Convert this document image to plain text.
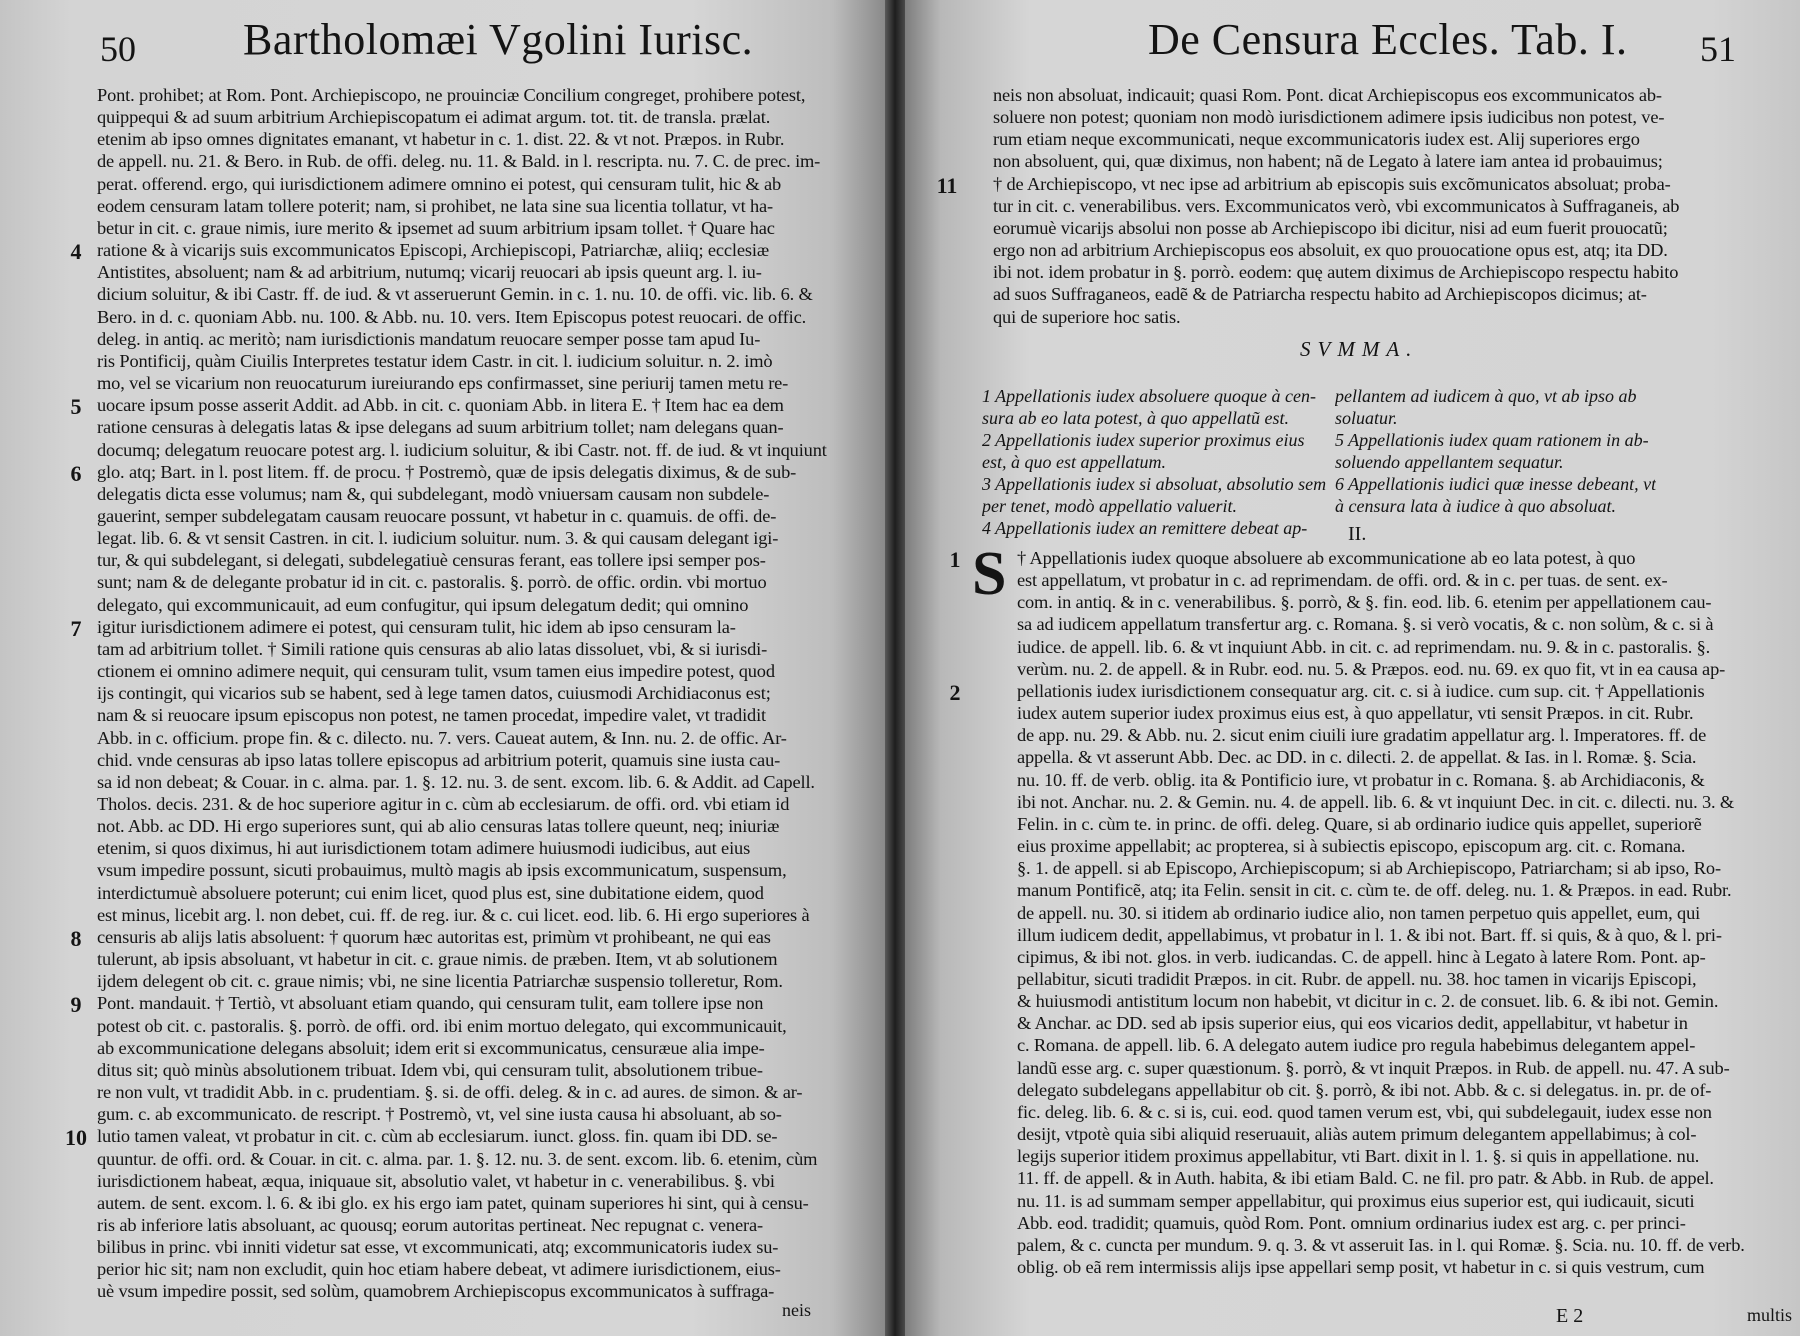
50 Bartholomæi Vgolini Iurisc.
Pont. prohibet; at Rom. Pont. Archiepiscopo, ne prouinciæ Concilium congreget, prohibere potest,
quippequi & ad suum arbitrium Archiepiscopatum ei adimat argum. tot. tit. de transla. prælat.
etenim ab ipso omnes dignitates emanant, vt habetur in c. 1. dist. 22. & vt not. Præpos. in Rubr.
de appell. nu. 21. & Bero. in Rub. de offi. deleg. nu. 11. & Bald. in l. rescripta. nu. 7. C. de prec. im-
perat. offerend. ergo, qui iurisdictionem adimere omnino ei potest, qui censuram tulit, hic & ab
eodem censuram latam tollere poterit; nam, si prohibet, ne lata sine sua licentia tollatur, vt ha-
betur in cit. c. graue nimis, iure merito & ipsemet ad suum arbitrium ipsam tollet. † Quare hac
ratione & à vicarijs suis excommunicatos Episcopi, Archiepiscopi, Patriarchæ, aliiq; ecclesiæ
Antistites, absoluent; nam & ad arbitrium, nutumq; vicarij reuocari ab ipsis queunt arg. l. iu-
dicium soluitur, & ibi Castr. ff. de iud. & vt asseruerunt Gemin. in c. 1. nu. 10. de offi. vic. lib. 6. &
Bero. in d. c. quoniam Abb. nu. 100. & Abb. nu. 10. vers. Item Episcopus potest reuocari. de offic.
deleg. in antiq. ac meritò; nam iurisdictionis mandatum reuocare semper posse tam apud Iu-
ris Pontificij, quàm Ciuilis Interpretes testatur idem Castr. in cit. l. iudicium soluitur. n. 2. imò
mo, vel se vicarium non reuocaturum iureiurando eps confirmasset, sine periurij tamen metu re-
uocare ipsum posse asserit Addit. ad Abb. in cit. c. quoniam Abb. in litera E. † Item hac ea dem
ratione censuras à delegatis latas & ipse delegans ad suum arbitrium tollet; nam delegans quan-
documq; delegatum reuocare potest arg. l. iudicium soluitur, & ibi Castr. not. ff. de iud. & vt inquiunt
glo. atq; Bart. in l. post litem. ff. de procu. † Postremò, quæ de ipsis delegatis diximus, & de sub-
delegatis dicta esse volumus; nam &, qui subdelegant, modò vniuersam causam non subdele-
gauerint, semper subdelegatam causam reuocare possunt, vt habetur in c. quamuis. de offi. de-
legat. lib. 6. & vt sensit Castren. in cit. l. iudicium soluitur. num. 3. & qui causam delegant igi-
tur, & qui subdelegant, si delegati, subdelegatiuè censuras ferant, eas tollere ipsi semper pos-
sunt; nam & de delegante probatur id in cit. c. pastoralis. §. porrò. de offic. ordin. vbi mortuo
delegato, qui excommunicauit, ad eum confugitur, qui ipsum delegatum dedit; qui omnino
igitur iurisdictionem adimere ei potest, qui censuram tulit, hic idem ab ipso censuram la-
tam ad arbitrium tollet. † Simili ratione quis censuras ab alio latas dissoluet, vbi, & si iurisdi-
ctionem ei omnino adimere nequit, qui censuram tulit, vsum tamen eius impedire potest, quod
ijs contingit, qui vicarios sub se habent, sed à lege tamen datos, cuiusmodi Archidiaconus est;
nam & si reuocare ipsum episcopus non potest, ne tamen procedat, impedire valet, vt tradidit
Abb. in c. officium. prope fin. & c. dilecto. nu. 7. vers. Caueat autem, & Inn. nu. 2. de offic. Ar-
chid. vnde censuras ab ipso latas tollere episcopus ad arbitrium poterit, quamuis sine iusta cau-
sa id non debeat; & Couar. in c. alma. par. 1. §. 12. nu. 3. de sent. excom. lib. 6. & Addit. ad Capell.
Tholos. decis. 231. & de hoc superiore agitur in c. cùm ab ecclesiarum. de offi. ord. vbi etiam id
not. Abb. ac DD. Hi ergo superiores sunt, qui ab alio censuras latas tollere queunt, neq; iniuriæ
etenim, si quos diximus, hi aut iurisdictionem totam adimere huiusmodi iudicibus, aut eius
vsum impedire possunt, sicuti probauimus, multò magis ab ipsis excommunicatum, suspensum,
interdictumuè absoluere poterunt; cui enim licet, quod plus est, sine dubitatione eidem, quod
est minus, licebit arg. l. non debet, cui. ff. de reg. iur. & c. cui licet. eod. lib. 6. Hi ergo superiores à
censuris ab alijs latis absoluent: † quorum hæc autoritas est, primùm vt prohibeant, ne qui eas
tulerunt, ab ipsis absoluant, vt habetur in cit. c. graue nimis. de præben. Item, vt ab solutionem
ijdem delegent ob cit. c. graue nimis; vbi, ne sine licentia Patriarchæ suspensio tolleretur, Rom.
Pont. mandauit. † Tertiò, vt absoluant etiam quando, qui censuram tulit, eam tollere ipse non
potest ob cit. c. pastoralis. §. porrò. de offi. ord. ibi enim mortuo delegato, qui excommunicauit,
ab excommunicatione delegans absoluit; idem erit si excommunicatus, censuræue alia impe-
ditus sit; quò minùs absolutionem tribuat. Idem vbi, qui censuram tulit, absolutionem tribue-
re non vult, vt tradidit Abb. in c. prudentiam. §. si. de offi. deleg. & in c. ad aures. de simon. & ar-
gum. c. ab excommunicato. de rescript. † Postremò, vt, vel sine iusta causa hi absoluant, ab so-
lutio tamen valeat, vt probatur in cit. c. cùm ab ecclesiarum. iunct. gloss. fin. quam ibi DD. se-
quuntur. de offi. ord. & Couar. in cit. c. alma. par. 1. §. 12. nu. 3. de sent. excom. lib. 6. etenim, cùm
iurisdictionem habeat, æqua, iniquaue sit, absolutio valet, vt habetur in c. venerabilibus. §. vbi
autem. de sent. excom. l. 6. & ibi glo. ex his ergo iam patet, quinam superiores hi sint, qui à censu-
ris ab inferiore latis absoluant, ac quousq; eorum autoritas pertineat. Nec repugnat c. venera-
bilibus in princ. vbi inniti videtur sat esse, vt excommunicati, atq; excommunicatoris iudex su-
perior hic sit; nam non excludit, quin hoc etiam habere debeat, vt adimere iurisdictionem, eius-
uè vsum impedire possit, sed solùm, quamobrem Archiepiscopus excommunicatos à suffraga-
4
5
6
7
8
9
10
neis
De Censura Eccles. Tab. I. 51
neis non absoluat, indicauit; quasi Rom. Pont. dicat Archiepiscopus eos excommunicatos ab-
soluere non potest; quoniam non modò iurisdictionem adimere ipsis iudicibus non potest, ve-
rum etiam neque excommunicati, neque excommunicatoris iudex est. Alij superiores ergo
non absoluent, qui, quæ diximus, non habent; nã de Legato à latere iam antea id probauimus;
† de Archiepiscopo, vt nec ipse ad arbitrium ab episcopis suis excõmunicatos absoluat; proba-
tur in cit. c. venerabilibus. vers. Excommunicatos verò, vbi excommunicatos à Suffraganeis, ab
eorumuè vicarijs absolui non posse ab Archiepiscopo ibi dicitur, nisi ad eum fuerit prouocatũ;
ergo non ad arbitrium Archiepiscopus eos absoluit, ex quo prouocatione opus est, atq; ita DD.
ibi not. idem probatur in §. porrò. eodem: quę autem diximus de Archiepiscopo respectu habito
ad suos Suffraganeos, eadẽ & de Patriarcha respectu habito ad Archiepiscopos dicimus; at-
qui de superiore hoc satis.
11
SVMMA.
1 Appellationis iudex absoluere quoque à cen-
sura ab eo lata potest, à quo appellatũ est.
2 Appellationis iudex superior proximus eius
est, à quo est appellatum.
3 Appellationis iudex si absoluat, absolutio sem
per tenet, modò appellatio valuerit.
4 Appellationis iudex an remittere debeat ap-
pellantem ad iudicem à quo, vt ab ipso ab
soluatur.
5 Appellationis iudex quam rationem in ab-
soluendo appellantem sequatur.
6 Appellationis iudici quæ inesse debeant, vt
à censura lata à iudice à quo absoluat.
II.
S † Appellationis iudex quoque absoluere ab excommunicatione ab eo lata potest, à quo
est appellatum, vt probatur in c. ad reprimendam. de offi. ord. & in c. per tuas. de sent. ex-
com. in antiq. & in c. venerabilibus. §. porrò, & §. fin. eod. lib. 6. etenim per appellationem cau-
sa ad iudicem appellatum transfertur arg. c. Romana. §. si verò vocatis, & c. non solùm, & c. si à
iudice. de appell. lib. 6. & vt inquiunt Abb. in cit. c. ad reprimendam. nu. 9. & in c. pastoralis. §.
verùm. nu. 2. de appell. & in Rubr. eod. nu. 5. & Præpos. eod. nu. 69. ex quo fit, vt in ea causa ap-
pellationis iudex iurisdictionem consequatur arg. cit. c. si à iudice. cum sup. cit. † Appellationis
iudex autem superior iudex proximus eius est, à quo appellatur, vti sensit Præpos. in cit. Rubr.
de app. nu. 29. & Abb. nu. 2. sicut enim ciuili iure gradatim appellatur arg. l. Imperatores. ff. de
appella. & vt asserunt Abb. Dec. ac DD. in c. dilecti. 2. de appellat. & Ias. in l. Romæ. §. Scia.
nu. 10. ff. de verb. oblig. ita & Pontificio iure, vt probatur in c. Romana. §. ab Archidiaconis, &
ibi not. Anchar. nu. 2. & Gemin. nu. 4. de appell. lib. 6. & vt inquiunt Dec. in cit. c. dilecti. nu. 3. &
Felin. in c. cùm te. in princ. de offi. deleg. Quare, si ab ordinario iudice quis appellet, superiorẽ
eius proxime appellabit; ac propterea, si à subiectis episcopo, episcopum arg. cit. c. Romana.
§. 1. de appell. si ab Episcopo, Archiepiscopum; si ab Archiepiscopo, Patriarcham; si ab ipso, Ro-
manum Pontificẽ, atq; ita Felin. sensit in cit. c. cùm te. de off. deleg. nu. 1. & Præpos. in ead. Rubr.
de appell. nu. 30. si itidem ab ordinario iudice alio, non tamen perpetuo quis appellet, eum, qui
illum iudicem dedit, appellabimus, vt probatur in l. 1. & ibi not. Bart. ff. si quis, & à quo, & l. pri-
cipimus, & ibi not. glos. in verb. iudicandas. C. de appell. hinc à Legato à latere Rom. Pont. ap-
pellabitur, sicuti tradidit Præpos. in cit. Rubr. de appell. nu. 38. hoc tamen in vicarijs Episcopi,
& huiusmodi antistitum locum non habebit, vt dicitur in c. 2. de consuet. lib. 6. & ibi not. Gemin.
& Anchar. ac DD. sed ab ipsis superior eius, qui eos vicarios dedit, appellabitur, vt habetur in
c. Romana. de appell. lib. 6. A delegato autem iudice pro regula habebimus delegantem appel-
landũ esse arg. c. super quæstionum. §. porrò, & vt inquit Præpos. in Rub. de appell. nu. 47. A sub-
delegato subdelegans appellabitur ob cit. §. porrò, & ibi not. Abb. & c. si delegatus. in. pr. de of-
fic. deleg. lib. 6. & c. si is, cui. eod. quod tamen verum est, vbi, qui subdelegauit, iudex esse non
desijt, vtpotè quia sibi aliquid reseruauit, aliàs autem primum delegantem appellabimus; à col-
legijs superior itidem proximus appellabitur, vti Bart. dixit in l. 1. §. si quis in appellatione. nu.
11. ff. de appell. & in Auth. habita, & ibi etiam Bald. C. ne fil. pro patr. & Abb. in Rub. de appel.
nu. 11. is ad summam semper appellabitur, qui proximus eius superior est, qui iudicauit, sicuti
Abb. eod. tradidit; quamuis, quòd Rom. Pont. omnium ordinarius iudex est arg. c. per princi-
palem, & c. cuncta per mundum. 9. q. 3. & vt asseruit Ias. in l. qui Romæ. §. Scia. nu. 10. ff. de verb.
oblig. ob eã rem intermissis alijs ipse appellari semp posit, vt habetur in c. si quis vestrum, cum
1
2
E 2	multis
